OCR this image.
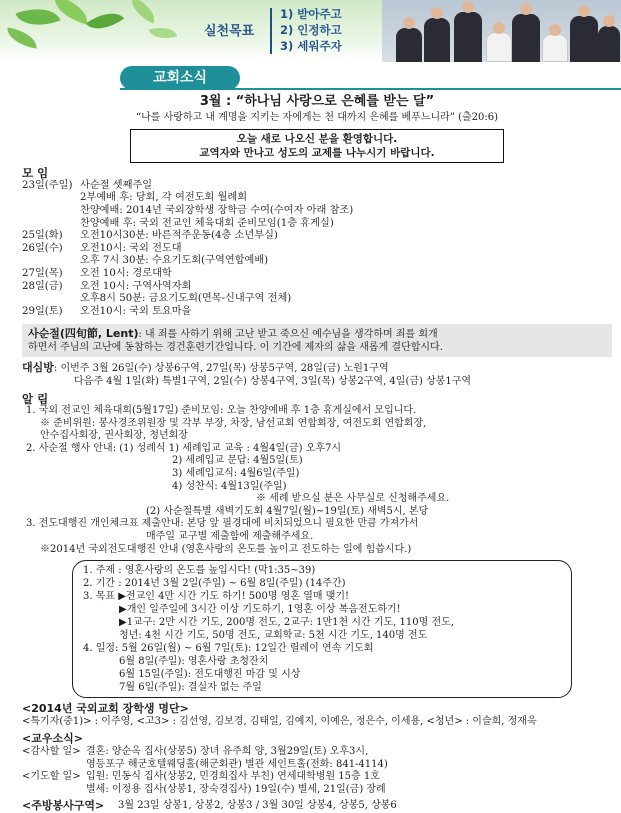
실천목표
1) 받아주고
2) 인정하고
3) 세워주자
교회소식
3월 : “하나님 사랑으로 은혜를 받는 달”
“나를 사랑하고 내 계명을 지키는 자에게는 천 대까지 은혜를 베푸느니라” (출20:6)
오늘 새로 나오신 분을 환영합니다.
교역자와 만나고 성도의 교제를 나누시기 바랍니다.
모 임
23일(주일) 사순절 셋째주일
2부예배 후: 당회, 각 여전도회 월례회
찬양예배: 2014년 국외장학생 장학금 수여(수여자 아래 참조)
찬양예배 후: 국외 전교인 체육대회 준비모임(1층 휴게실)
25일(화)	오전10시30분: 바른적주운동(4층 소년부실)
26일(수)	오전10시: 국외 전도대
오후 7시 30분: 수요기도회(구역연합예배)
27일(목)	오전 10시: 경로대학
28일(금)	오전 10시: 구역사역자회
오후8시 50분: 금요기도회(면목-신내구역 전체)
29일(토)	오전10시: 국외 토요마을
사순절(四旬節, Lent): 내 죄를 사하기 위해 고난 받고 죽으신 예수님을 생각하며 죄를 회개
하면서 주님의 고난에 동참하는 경건훈련기간입니다. 이 기간에 제자의 삶을 새롭게 결단합시다.
대심방: 이번주 3월 26일(수) 상봉6구역, 27일(목) 상봉5구역, 28일(금) 노원1구역
다음주 4월 1일(화) 특별1구역, 2일(수) 상봉4구역, 3일(목) 상봉2구역, 4일(금) 상봉1구역
알 림
1. 국외 전교인 체육대회(5월17일) 준비모임: 오늘 찬양예배 후 1층 휴게실에서 모입니다.
※ 준비위원: 봉사경조위원장 및 각부 부장, 차장, 남선교회 연합회장, 여전도회 연합회장,
안수집사회장, 권사회장, 청년회장
2. 사순절 행사 안내: (1) 성례식 1) 세례입교 교육 : 4월4일(금) 오후7시
2) 세례입교 문답: 4월5일(토)
3) 세례입교식: 4월6일(주일)
4) 성찬식: 4월13일(주일)
※ 세례 받으실 분은 사무실로 신청해주세요.
(2) 사순절특별 새벽기도회 4월7일(월)~19일(토) 새벽5시, 본당
3. 전도대행진 개인체크표 제출안내: 본당 앞 필경대에 비치되었으니 필요한 만큼 가져가서
매주일 교구별 제출함에 제출해주세요.
※2014년 국외전도대행진 안내 (영혼사랑의 온도를 높이고 전도하는 일에 힘씁시다.)
1. 주제 : 영혼사랑의 온도를 높입시다! (막1:35~39)
2. 기간 : 2014년 3월 2일(주일) ~ 6월 8일(주일) (14주간)
3. 목표 ▶전교인 4만 시간 기도 하기! 500명 영혼 열매 맺기!
▶개인 일주일에 3시간 이상 기도하기, 1영혼 이상 복음전도하기!
▶1교구: 2만 시간 기도, 200명 전도, 2교구: 1만1천 시간 기도, 110명 전도,
청년: 4천 시간 기도, 50명 전도, 교회학교: 5천 시간 기도, 140명 전도
4. 일정: 5월 26일(월) ~ 6월 7일(토): 12일간 릴레이 연속 기도회
6월 8일(주일): 영혼사랑 초청잔치
6월 15일(주일): 전도대행진 마감 및 시상
7월 6일(주일): 결실자 없는 주일
<2014년 국외교회 장학생 명단>
<특기자(중1)> : 이주영, <고3> : 김선영, 김보경, 김태일, 김예지, 이예은, 정은수, 이세용, <청년> : 이슬희, 정재욱
<교우소식>
<감사할 일> 결혼: 양순옥 집사(상봉5) 장녀 유주희 양, 3월29일(토) 오후3시,
영등포구 해군호텔웨딩홀(해군회관) 별관 세인트홀(전화: 841-4114)
<기도할 일> 입원: 민동식 집사(상봉2, 민경희집사 부친) 연세대학병원 15층 1호
별세: 이정용 집사(상봉1, 장숙경집사) 19일(수) 별세, 21일(금) 장례
<주방봉사구역>	3월 23일 상봉1, 상봉2, 상봉3 / 3월 30일 상봉4, 상봉5, 상봉6
